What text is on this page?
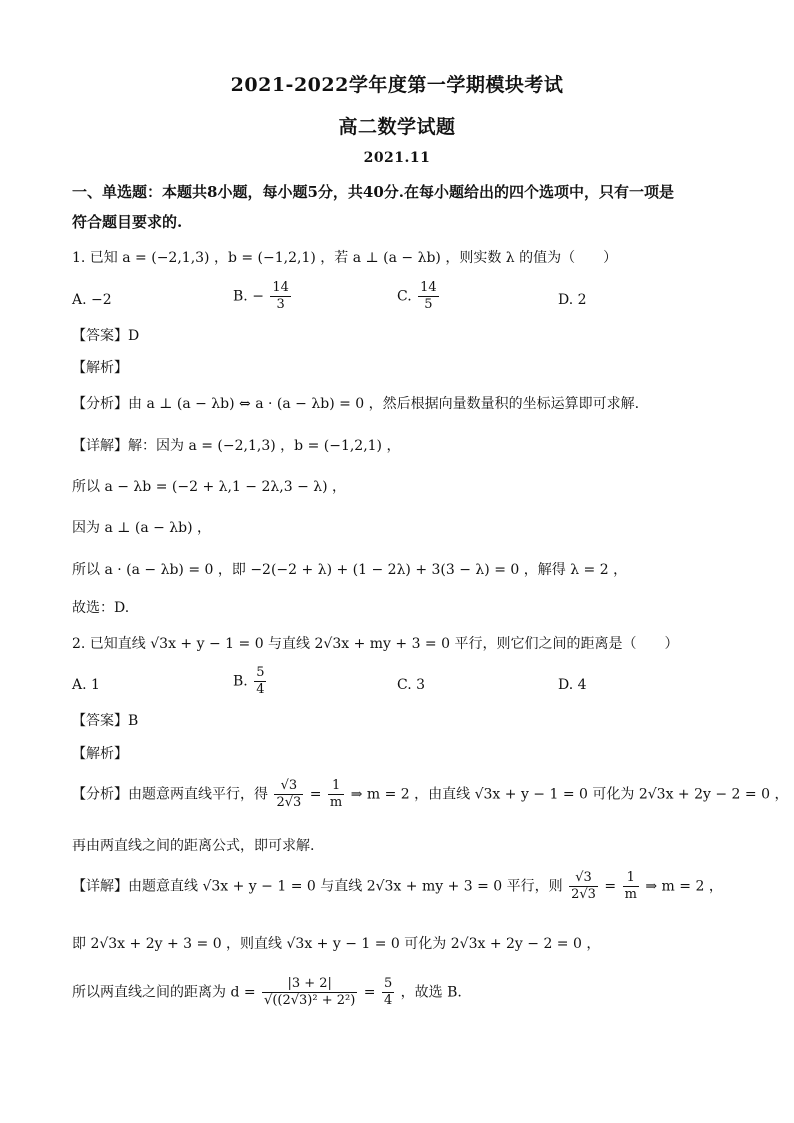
2021-2022学年度第一学期模块考试
高二数学试题
2021.11
一、单选题：本题共8小题，每小题5分，共40分.在每小题给出的四个选项中，只有一项是
符合题目要求的.
1. 已知 a = (−2,1,3) ，b = (−1,2,1) ，若 a ⊥ (a − λb) ，则实数 λ 的值为（　　）
A. −2	B. − $\frac{14}{3}$	C. $\frac{14}{5}$	D. 2
【答案】D
【解析】
【分析】由 a ⊥ (a − λb) ⇔ a · (a − λb) = 0 ，然后根据向量数量积的坐标运算即可求解.
【详解】解：因为 a = (−2,1,3) ，b = (−1,2,1) ，
所以 a − λb = (−2 + λ,1 − 2λ,3 − λ) ，
因为 a ⊥ (a − λb) ，
所以 a · (a − λb) = 0 ，即 −2(−2 + λ) + (1 − 2λ) + 3(3 − λ) = 0 ，解得 λ = 2 ，
故选：D.
2. 已知直线 √3x + y − 1 = 0 与直线 2√3x + my + 3 = 0 平行，则它们之间的距离是（　　）
A. 1	B. $\frac{5}{4}$	C. 3	D. 4
【答案】B
【解析】
【分析】由题意两直线平行，得 $\frac{√3}{2√3} = \frac{1}{m}$ ⇒ m = 2 ，由直线 √3x + y − 1 = 0 可化为 2√3x + 2y − 2 = 0 ，
再由两直线之间的距离公式，即可求解.
【详解】由题意直线 √3x + y − 1 = 0 与直线 2√3x + my + 3 = 0 平行，则 $\frac{√3}{2√3} = \frac{1}{m}$ ⇒ m = 2 ，
即 2√3x + 2y + 3 = 0 ，则直线 √3x + y − 1 = 0 可化为 2√3x + 2y − 2 = 0 ，
所以两直线之间的距离为 $d = \frac{|3 + 2|}{\text{√((2√3)² + 2²)}} = \frac{5}{4}$ ，故选 B.
